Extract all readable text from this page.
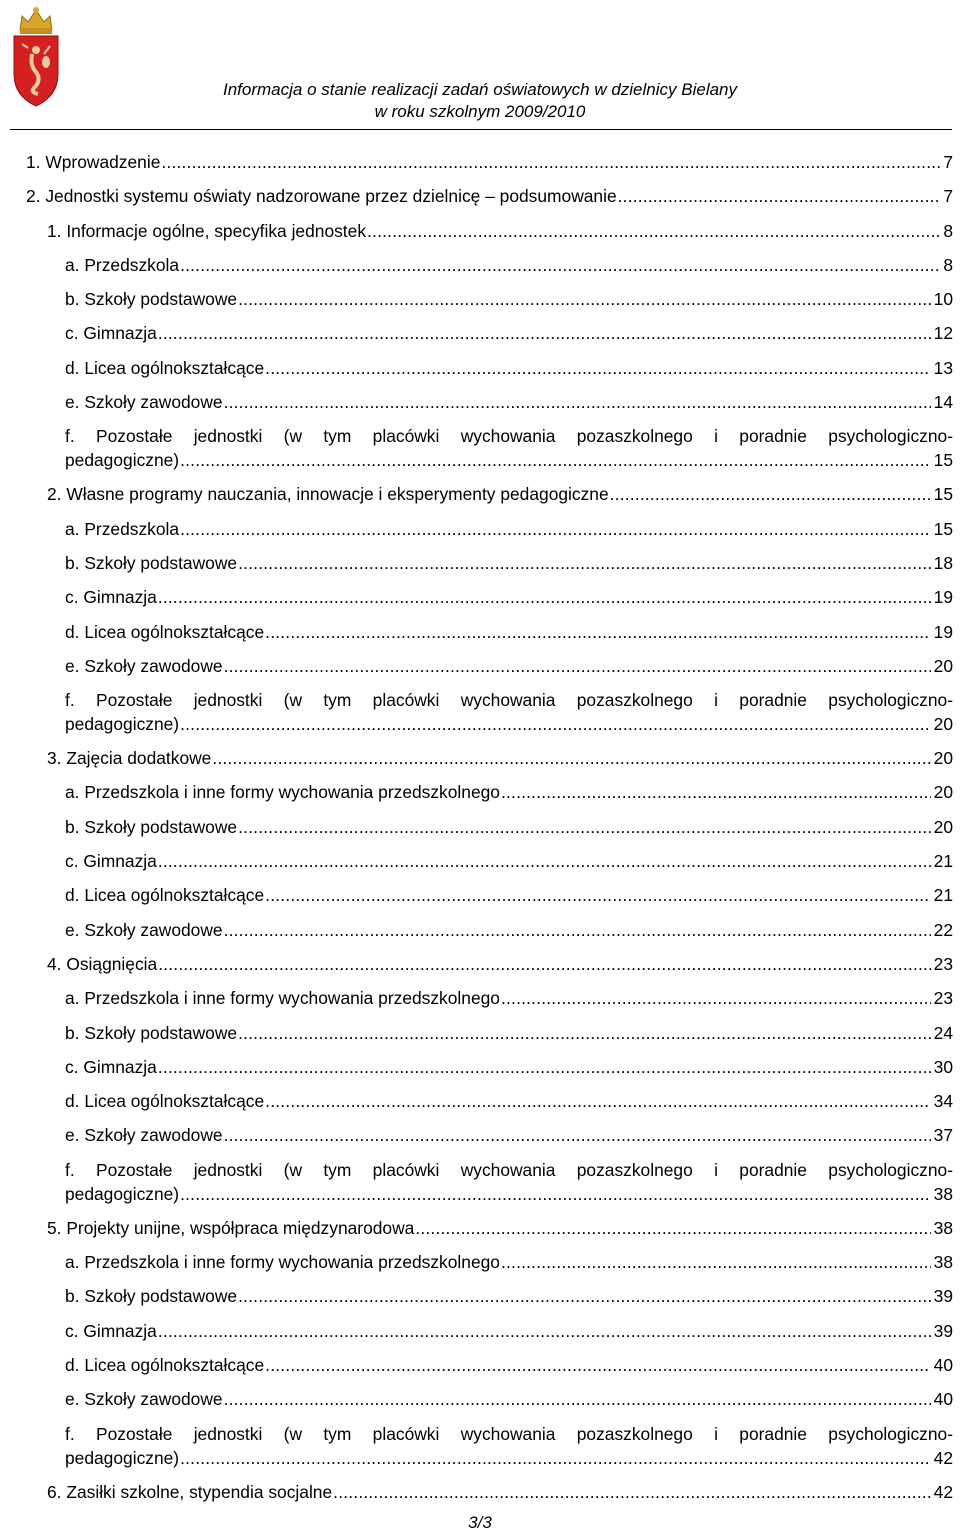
Informacja o stanie realizacji zadań oświatowych w dzielnicy Bielany
w roku szkolnym 2009/2010
1. Wprowadzenie .....	7
2. Jednostki systemu oświaty nadzorowane przez dzielnicę – podsumowanie .....	7
1. Informacje ogólne, specyfika jednostek .....	8
a. Przedszkola .....	8
b. Szkoły podstawowe .....	10
c. Gimnazja .....	12
d. Licea ogólnokształcące .....	13
e. Szkoły zawodowe .....	14
f. Pozostałe jednostki (w tym placówki wychowania pozaszkolnego i poradnie psychologiczno-
pedagogiczne) .....	15
2. Własne programy nauczania, innowacje i eksperymenty pedagogiczne .....	15
a. Przedszkola .....	15
b. Szkoły podstawowe .....	18
c. Gimnazja .....	19
d. Licea ogólnokształcące .....	19
e. Szkoły zawodowe .....	20
f. Pozostałe jednostki (w tym placówki wychowania pozaszkolnego i poradnie psychologiczno-
pedagogiczne) .....	20
3. Zajęcia dodatkowe .....	20
a. Przedszkola i inne formy wychowania przedszkolnego .....	20
b. Szkoły podstawowe .....	20
c. Gimnazja .....	21
d. Licea ogólnokształcące .....	21
e. Szkoły zawodowe .....	22
4. Osiągnięcia .....	23
a. Przedszkola i inne formy wychowania przedszkolnego .....	23
b. Szkoły podstawowe .....	24
c. Gimnazja .....	30
d. Licea ogólnokształcące .....	34
e. Szkoły zawodowe .....	37
f. Pozostałe jednostki (w tym placówki wychowania pozaszkolnego i poradnie psychologiczno-
pedagogiczne) .....	38
5. Projekty unijne, współpraca międzynarodowa .....	38
a. Przedszkola i inne formy wychowania przedszkolnego .....	38
b. Szkoły podstawowe .....	39
c. Gimnazja .....	39
d. Licea ogólnokształcące .....	40
e. Szkoły zawodowe .....	40
f. Pozostałe jednostki (w tym placówki wychowania pozaszkolnego i poradnie psychologiczno-
pedagogiczne) .....	42
6. Zasiłki szkolne, stypendia socjalne .....	42
3/3
